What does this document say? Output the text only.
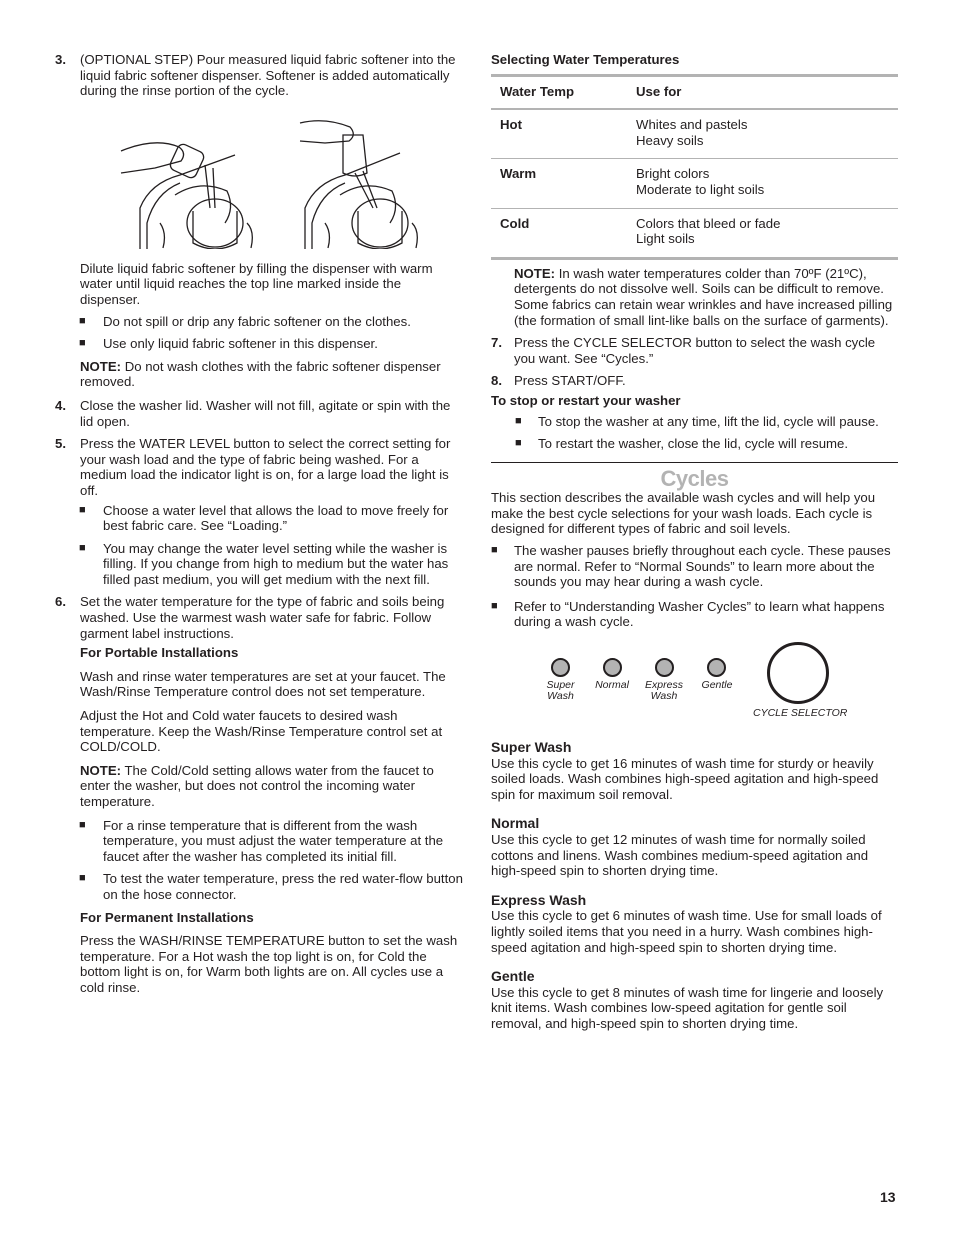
3. (OPTIONAL STEP) Pour measured liquid fabric softener into the liquid fabric softener dispenser. Softener is added automatically during the rinse portion of the cycle.

Dilute liquid fabric softener by filling the dispenser with warm water until liquid reaches the top line marked inside the dispenser.

■ Do not spill or drip any fabric softener on the clothes.

■ Use only liquid fabric softener in this dispenser.

NOTE: Do not wash clothes with the fabric softener dispenser removed.

4. Close the washer lid. Washer will not fill, agitate or spin with the lid open.

5. Press the WATER LEVEL button to select the correct setting for your wash load and the type of fabric being washed. For a medium load the indicator light is on, for a large load the light is off.

■ Choose a water level that allows the load to move freely for best fabric care. See “Loading.”

■ You may change the water level setting while the washer is filling. If you change from high to medium but the water has filled past medium, you will get medium with the next fill.

6. Set the water temperature for the type of fabric and soils being washed. Use the warmest wash water safe for fabric. Follow garment label instructions.

For Portable Installations

Wash and rinse water temperatures are set at your faucet. The Wash/Rinse Temperature control does not set temperature.

Adjust the Hot and Cold water faucets to desired wash temperature. Keep the Wash/Rinse Temperature control set at COLD/COLD.

NOTE: The Cold/Cold setting allows water from the faucet to enter the washer, but does not control the incoming water temperature.

■ For a rinse temperature that is different from the wash temperature, you must adjust the water temperature at the faucet after the washer has completed its initial fill.

■ To test the water temperature, press the red water-flow button on the hose connector.

For Permanent Installations

Press the WASH/RINSE TEMPERATURE button to set the wash temperature. For a Hot wash the top light is on, for Cold the bottom light is on, for Warm both lights are on. All cycles use a cold rinse.

Selecting Water Temperatures

Water Temp	Use for
Hot	Whites and pastels
Heavy soils

Warm	Bright colors
Moderate to light soils

Cold	Colors that bleed or fade
Light soils

NOTE: In wash water temperatures colder than 70ºF (21ºC), detergents do not dissolve well. Soils can be difficult to remove. Some fabrics can retain wear wrinkles and have increased pilling (the formation of small lint-like balls on the surface of garments).

7. Press the CYCLE SELECTOR button to select the wash cycle you want. See “Cycles.”

8. Press START/OFF.

To stop or restart your washer

■ To stop the washer at any time, lift the lid, cycle will pause.

■ To restart the washer, close the lid, cycle will resume.

Cycles

This section describes the available wash cycles and will help you make the best cycle selections for your wash loads. Each cycle is designed for different types of fabric and soil levels.

■ The washer pauses briefly throughout each cycle. These pauses are normal. Refer to “Normal Sounds” to learn more about the sounds you may hear during a wash cycle.

■ Refer to “Understanding Washer Cycles” to learn what happens during a wash cycle.

Super
Wash
Normal	Express
Wash
Gentle
CYCLE SELECTOR

Super Wash

Use this cycle to get 16 minutes of wash time for sturdy or heavily soiled loads. Wash combines high-speed agitation and high-speed spin for maximum soil removal.

Normal

Use this cycle to get 12 minutes of wash time for normally soiled cottons and linens. Wash combines medium-speed agitation and high-speed spin to shorten drying time.

Express Wash

Use this cycle to get 6 minutes of wash time. Use for small loads of lightly soiled items that you need in a hurry. Wash combines high-speed agitation and high-speed spin to shorten drying time.

Gentle

Use this cycle to get 8 minutes of wash time for lingerie and loosely knit items. Wash combines low-speed agitation for gentle soil removal, and high-speed spin to shorten drying time.

13
